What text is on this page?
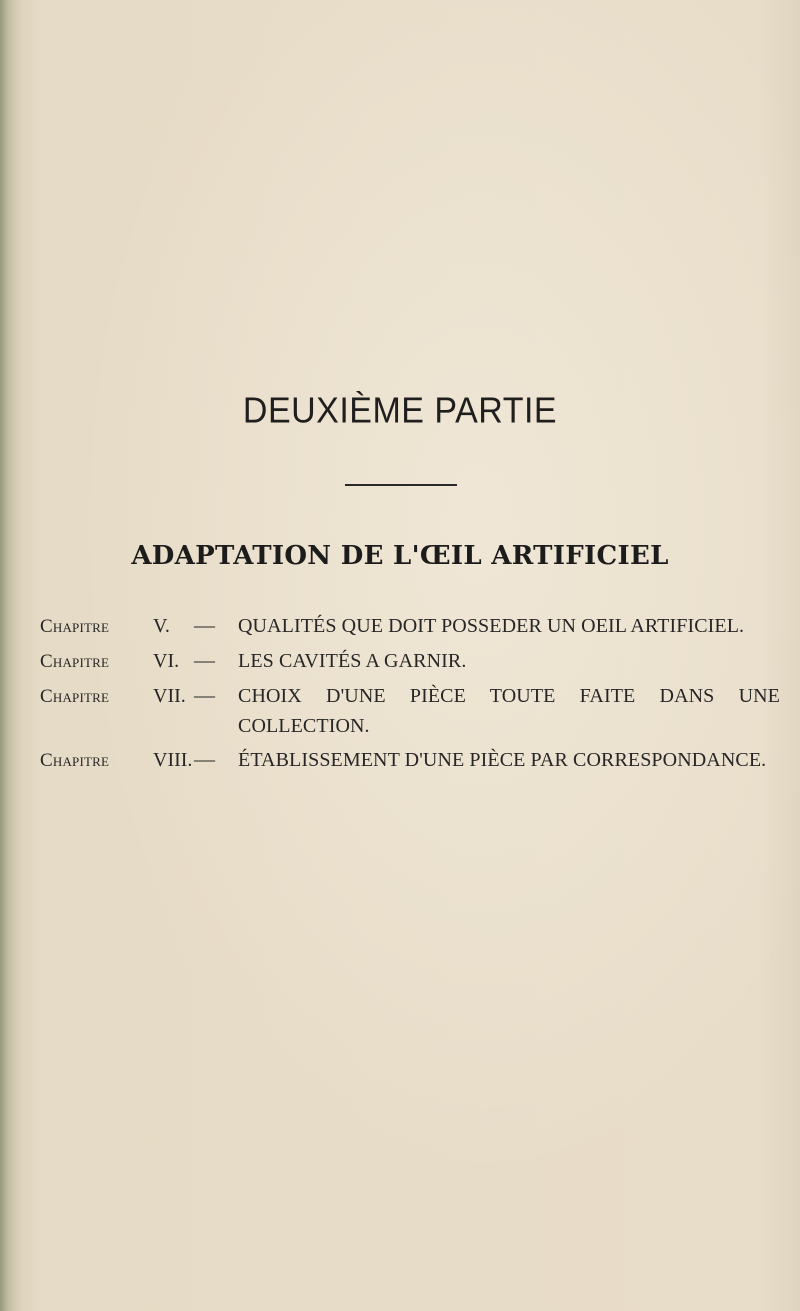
DEUXIÈME PARTIE
ADAPTATION DE L'ŒIL ARTIFICIEL
Chapitre	V.	—	QUALITÉS QUE DOIT POSSEDER UN OEIL ARTIFICIEL.
Chapitre	VI. —	LES CAVITÉS A GARNIR.
Chapitre	VII. —	CHOIX D'UNE PIÈCE TOUTE FAITE DANS UNE COLLECTION.
Chapitre	VIII. —	ÉTABLISSEMENT D'UNE PIÈCE PAR CORRESPONDANCE.
